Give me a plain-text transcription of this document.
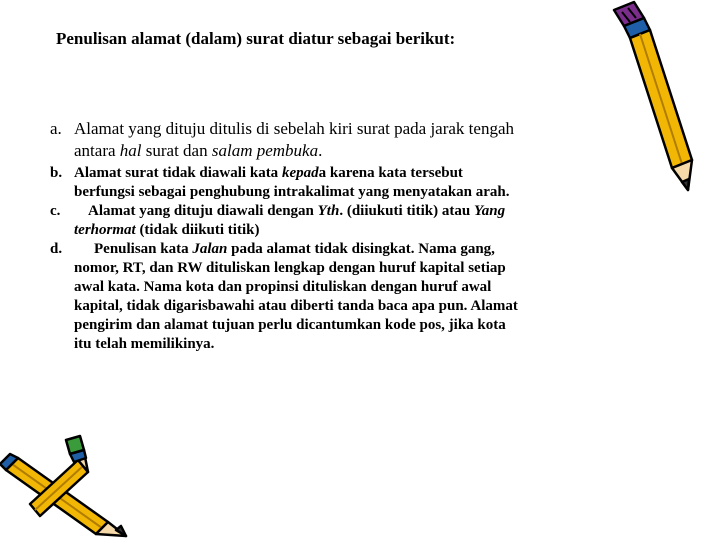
Penulisan alamat (dalam) surat diatur sebagai berikut:
a. Alamat yang dituju ditulis di sebelah kiri surat pada jarak tengah
antara hal surat dan salam pembuka.
b. Alamat surat tidak diawali kata kepada karena kata tersebut
berfungsi sebagai penghubung intrakalimat yang menyatakan arah.
c.	Alamat yang dituju diawali dengan Yth. (diiukuti titik) atau Yang
terhormat (tidak diikuti titik)
d.	Penulisan kata Jalan pada alamat tidak disingkat. Nama gang,
nomor, RT, dan RW dituliskan lengkap dengan huruf kapital setiap
awal kata. Nama kota dan propinsi dituliskan dengan huruf awal
kapital, tidak digarisbawahi atau diberti tanda baca apa pun. Alamat
pengirim dan alamat tujuan perlu dicantumkan kode pos, jika kota
itu telah memilikinya.
